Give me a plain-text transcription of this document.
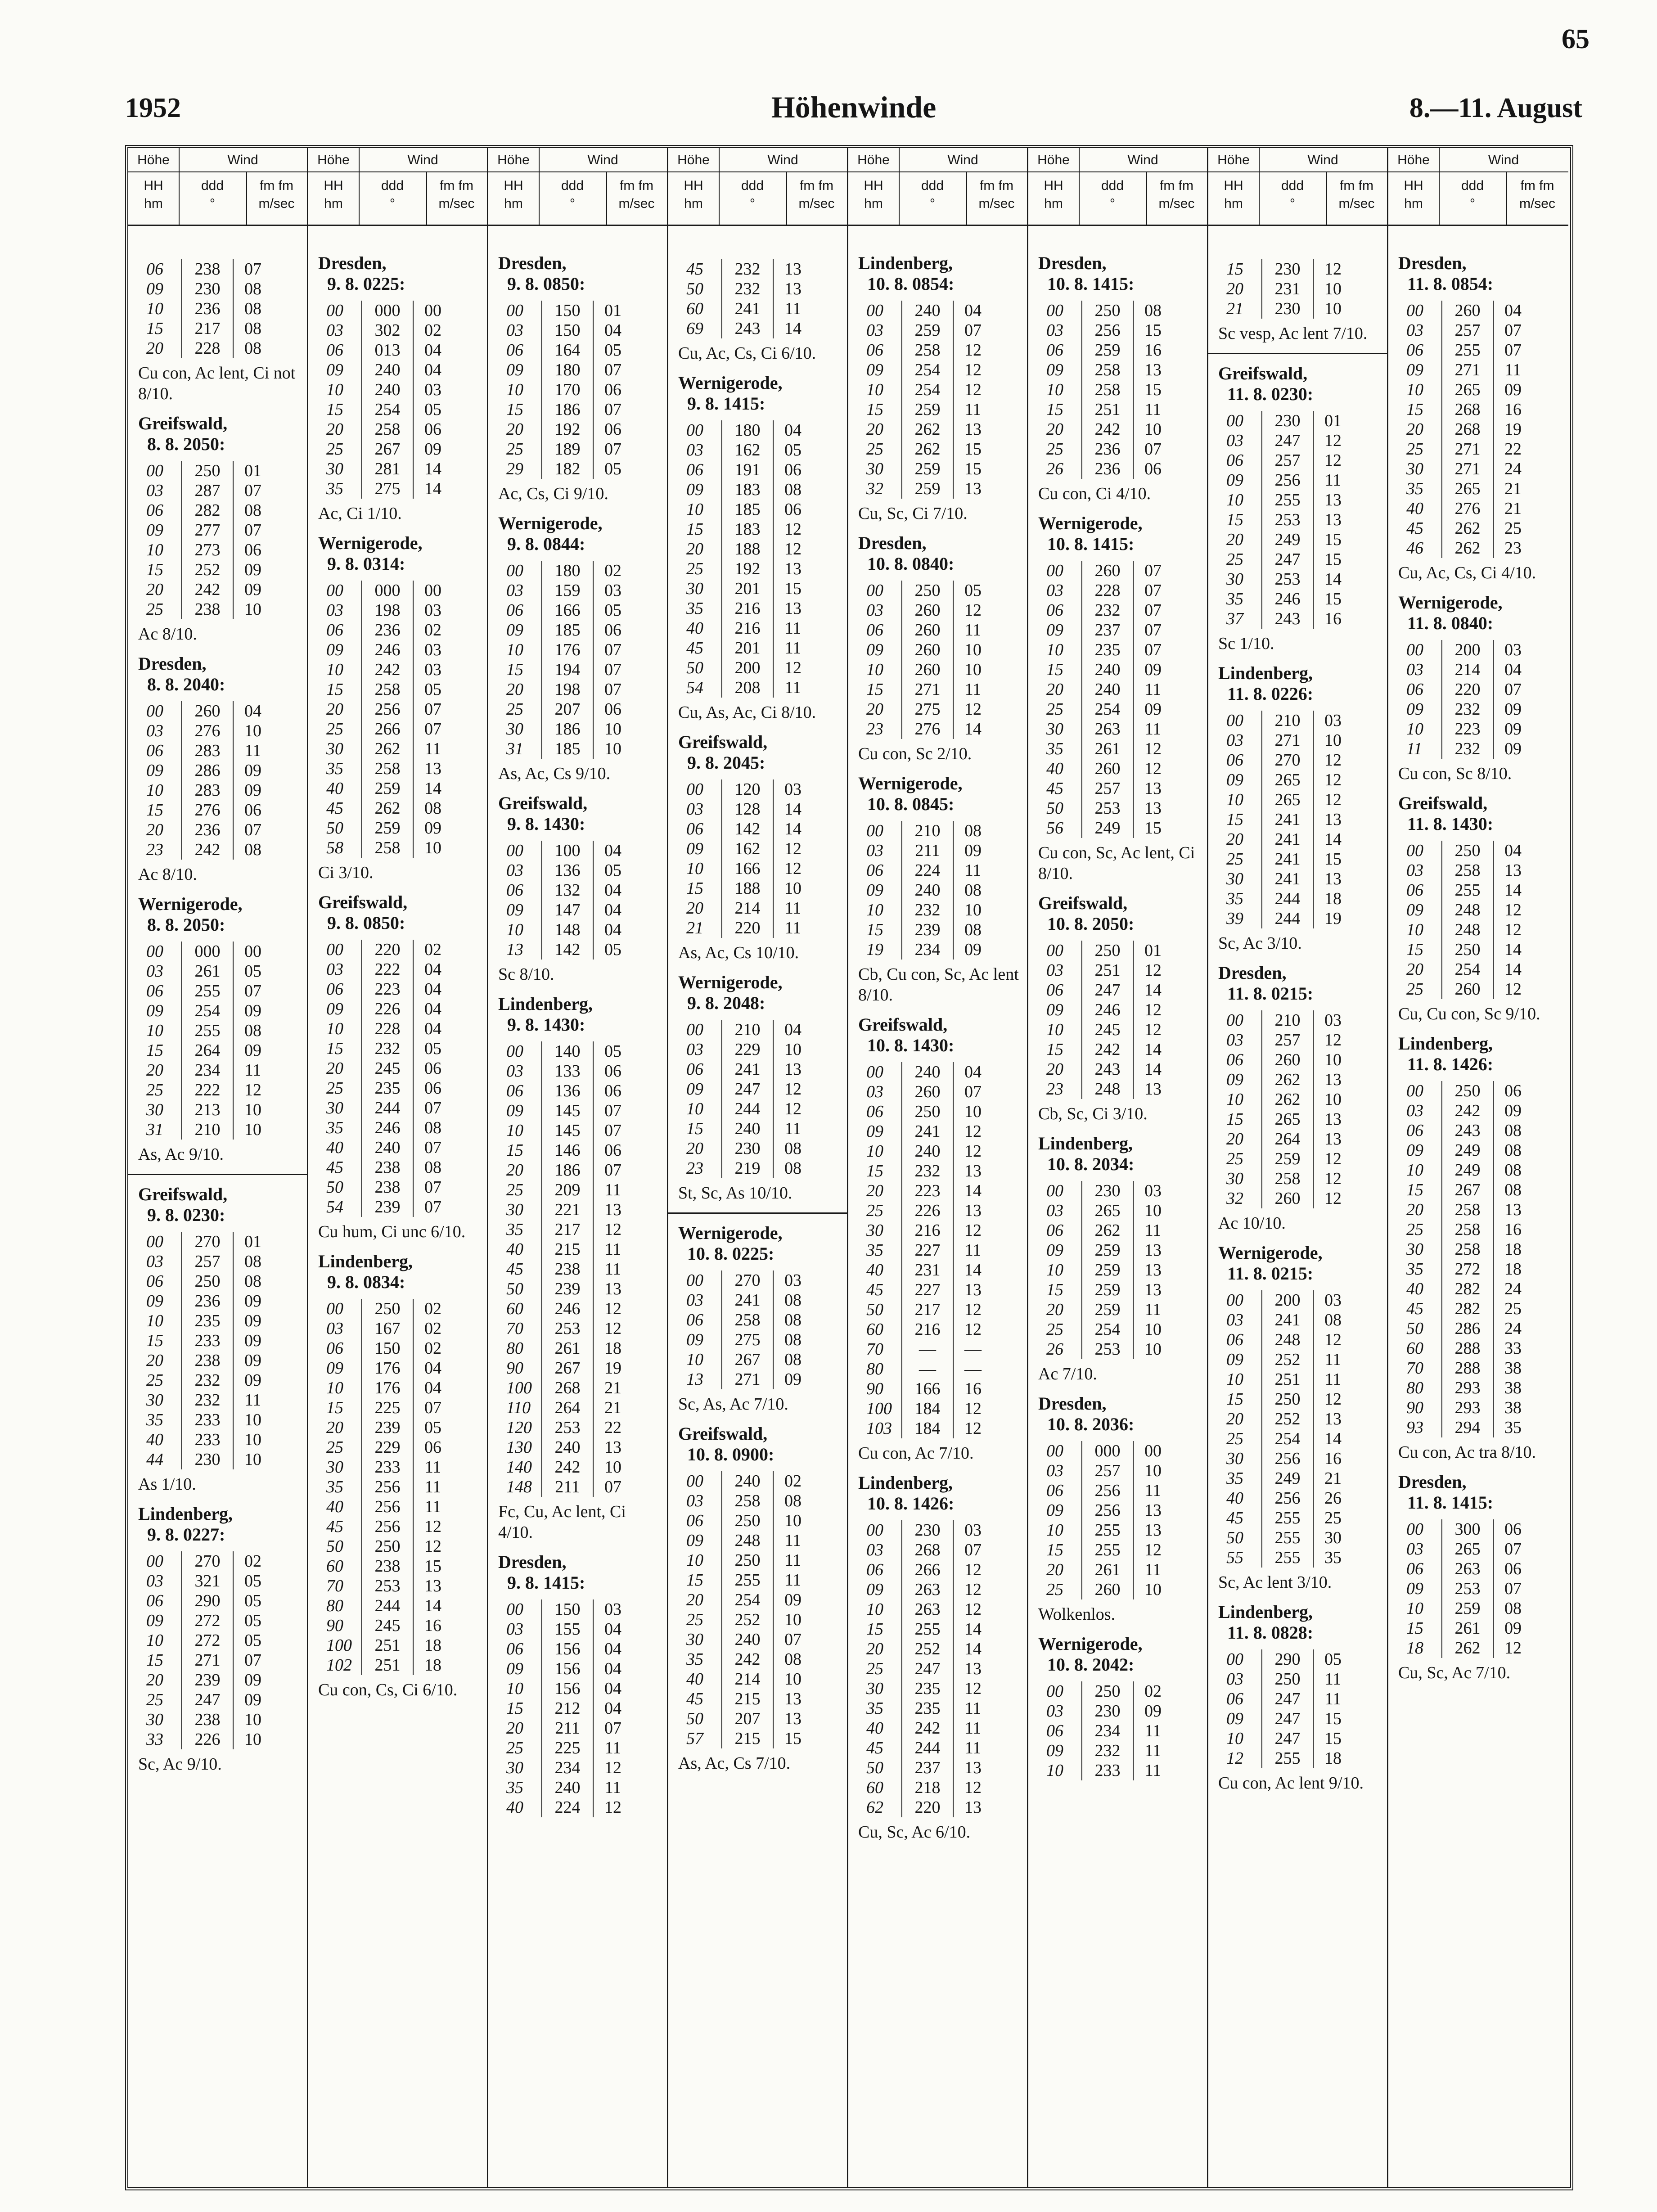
65
1952	Höhenwinde	8.—11. August
Höhe	Wind
HH
hm
ddd
°
fm fm
m/sec
06	238	07
09	230	08
10	236	08
15	217	08
20	228	08
Cu con, Ac lent, Ci not 8/10.
Greifswald,
8. 8. 2050:
00	250	01
03	287	07
06	282	08
09	277	07
10	273	06
15	252	09
20	242	09
25	238	10
Ac 8/10.
Dresden,
8. 8. 2040:
00	260	04
03	276	10
06	283	11
09	286	09
10	283	09
15	276	06
20	236	07
23	242	08
Ac 8/10.
Wernigerode,
8. 8. 2050:
00	000	00
03	261	05
06	255	07
09	254	09
10	255	08
15	264	09
20	234	11
25	222	12
30	213	10
31	210	10
As, Ac 9/10.
Greifswald,
9. 8. 0230:
00	270	01
03	257	08
06	250	08
09	236	09
10	235	09
15	233	09
20	238	09
25	232	09
30	232	11
35	233	10
40	233	10
44	230	10
As 1/10.
Lindenberg,
9. 8. 0227:
00	270	02
03	321	05
06	290	05
09	272	05
10	272	05
15	271	07
20	239	09
25	247	09
30	238	10
33	226	10
Sc, Ac 9/10.
Höhe	Wind
HH
hm
ddd
°
fm fm
m/sec
Dresden,
9. 8. 0225:
00	000	00
03	302	02
06	013	04
09	240	04
10	240	03
15	254	05
20	258	06
25	267	09
30	281	14
35	275	14
Ac, Ci 1/10.
Wernigerode,
9. 8. 0314:
00	000	00
03	198	03
06	236	02
09	246	03
10	242	03
15	258	05
20	256	07
25	266	07
30	262	11
35	258	13
40	259	14
45	262	08
50	259	09
58	258	10
Ci 3/10.
Greifswald,
9. 8. 0850:
00	220	02
03	222	04
06	223	04
09	226	04
10	228	04
15	232	05
20	245	06
25	235	06
30	244	07
35	246	08
40	240	07
45	238	08
50	238	07
54	239	07
Cu hum, Ci unc 6/10.
Lindenberg,
9. 8. 0834:
00	250	02
03	167	02
06	150	02
09	176	04
10	176	04
15	225	07
20	239	05
25	229	06
30	233	11
35	256	11
40	256	11
45	256	12
50	250	12
60	238	15
70	253	13
80	244	14
90	245	16
100	251	18
102	251	18
Cu con, Cs, Ci 6/10.
Höhe	Wind
HH
hm
ddd
°
fm fm
m/sec
Dresden,
9. 8. 0850:
00	150	01
03	150	04
06	164	05
09	180	07
10	170	06
15	186	07
20	192	06
25	189	07
29	182	05
Ac, Cs, Ci 9/10.
Wernigerode,
9. 8. 0844:
00	180	02
03	159	03
06	166	05
09	185	06
10	176	07
15	194	07
20	198	07
25	207	06
30	186	10
31	185	10
As, Ac, Cs 9/10.
Greifswald,
9. 8. 1430:
00	100	04
03	136	05
06	132	04
09	147	04
10	148	04
13	142	05
Sc 8/10.
Lindenberg,
9. 8. 1430:
00	140	05
03	133	06
06	136	06
09	145	07
10	145	07
15	146	06
20	186	07
25	209	11
30	221	13
35	217	12
40	215	11
45	238	11
50	239	13
60	246	12
70	253	12
80	261	18
90	267	19
100	268	21
110	264	21
120	253	22
130	240	13
140	242	10
148	211	07
Fc, Cu, Ac lent, Ci 4/10.
Dresden,
9. 8. 1415:
00	150	03
03	155	04
06	156	04
09	156	04
10	156	04
15	212	04
20	211	07
25	225	11
30	234	12
35	240	11
40	224	12
Höhe	Wind
HH
hm
ddd
°
fm fm
m/sec
45	232	13
50	232	13
60	241	11
69	243	14
Cu, Ac, Cs, Ci 6/10.
Wernigerode,
9. 8. 1415:
00	180	04
03	162	05
06	191	06
09	183	08
10	185	06
15	183	12
20	188	12
25	192	13
30	201	15
35	216	13
40	216	11
45	201	11
50	200	12
54	208	11
Cu, As, Ac, Ci 8/10.
Greifswald,
9. 8. 2045:
00	120	03
03	128	14
06	142	14
09	162	12
10	166	12
15	188	10
20	214	11
21	220	11
As, Ac, Cs 10/10.
Wernigerode,
9. 8. 2048:
00	210	04
03	229	10
06	241	13
09	247	12
10	244	12
15	240	11
20	230	08
23	219	08
St, Sc, As 10/10.
Wernigerode,
10. 8. 0225:
00	270	03
03	241	08
06	258	08
09	275	08
10	267	08
13	271	09
Sc, As, Ac 7/10.
Greifswald,
10. 8. 0900:
00	240	02
03	258	08
06	250	10
09	248	11
10	250	11
15	255	11
20	254	09
25	252	10
30	240	07
35	242	08
40	214	10
45	215	13
50	207	13
57	215	15
As, Ac, Cs 7/10.
Höhe	Wind
HH
hm
ddd
°
fm fm
m/sec
Lindenberg,
10. 8. 0854:
00	240	04
03	259	07
06	258	12
09	254	12
10	254	12
15	259	11
20	262	13
25	262	15
30	259	15
32	259	13
Cu, Sc, Ci 7/10.
Dresden,
10. 8. 0840:
00	250	05
03	260	12
06	260	11
09	260	10
10	260	10
15	271	11
20	275	12
23	276	14
Cu con, Sc 2/10.
Wernigerode,
10. 8. 0845:
00	210	08
03	211	09
06	224	11
09	240	08
10	232	10
15	239	08
19	234	09
Cb, Cu con, Sc, Ac lent 8/10.
Greifswald,
10. 8. 1430:
00	240	04
03	260	07
06	250	10
09	241	12
10	240	12
15	232	13
20	223	14
25	226	13
30	216	12
35	227	11
40	231	14
45	227	13
50	217	12
60	216	12
70	—	—
80	—	—
90	166	16
100	184	12
103	184	12
Cu con, Ac 7/10.
Lindenberg,
10. 8. 1426:
00	230	03
03	268	07
06	266	12
09	263	12
10	263	12
15	255	14
20	252	14
25	247	13
30	235	12
35	235	11
40	242	11
45	244	11
50	237	13
60	218	12
62	220	13
Cu, Sc, Ac 6/10.
Höhe	Wind
HH
hm
ddd
°
fm fm
m/sec
Dresden,
10. 8. 1415:
00	250	08
03	256	15
06	259	16
09	258	13
10	258	15
15	251	11
20	242	10
25	236	07
26	236	06
Cu con, Ci 4/10.
Wernigerode,
10. 8. 1415:
00	260	07
03	228	07
06	232	07
09	237	07
10	235	07
15	240	09
20	240	11
25	254	09
30	263	11
35	261	12
40	260	12
45	257	13
50	253	13
56	249	15
Cu con, Sc, Ac lent, Ci 8/10.
Greifswald,
10. 8. 2050:
00	250	01
03	251	12
06	247	14
09	246	12
10	245	12
15	242	14
20	243	14
23	248	13
Cb, Sc, Ci 3/10.
Lindenberg,
10. 8. 2034:
00	230	03
03	265	10
06	262	11
09	259	13
10	259	13
15	259	13
20	259	11
25	254	10
26	253	10
Ac 7/10.
Dresden,
10. 8. 2036:
00	000	00
03	257	10
06	256	11
09	256	13
10	255	13
15	255	12
20	261	11
25	260	10
Wolkenlos.
Wernigerode,
10. 8. 2042:
00	250	02
03	230	09
06	234	11
09	232	11
10	233	11
Höhe	Wind
HH
hm
ddd
°
fm fm
m/sec
15	230	12
20	231	10
21	230	10
Sc vesp, Ac lent 7/10.
Greifswald,
11. 8. 0230:
00	230	01
03	247	12
06	257	12
09	256	11
10	255	13
15	253	13
20	249	15
25	247	15
30	253	14
35	246	15
37	243	16
Sc 1/10.
Lindenberg,
11. 8. 0226:
00	210	03
03	271	10
06	270	12
09	265	12
10	265	12
15	241	13
20	241	14
25	241	15
30	241	13
35	244	18
39	244	19
Sc, Ac 3/10.
Dresden,
11. 8. 0215:
00	210	03
03	257	12
06	260	10
09	262	13
10	262	10
15	265	13
20	264	13
25	259	12
30	258	12
32	260	12
Ac 10/10.
Wernigerode,
11. 8. 0215:
00	200	03
03	241	08
06	248	12
09	252	11
10	251	11
15	250	12
20	252	13
25	254	14
30	256	16
35	249	21
40	256	26
45	255	25
50	255	30
55	255	35
Sc, Ac lent 3/10.
Lindenberg,
11. 8. 0828:
00	290	05
03	250	11
06	247	11
09	247	15
10	247	15
12	255	18
Cu con, Ac lent 9/10.
Höhe	Wind
HH
hm
ddd
°
fm fm
m/sec
Dresden,
11. 8. 0854:
00	260	04
03	257	07
06	255	07
09	271	11
10	265	09
15	268	16
20	268	19
25	271	22
30	271	24
35	265	21
40	276	21
45	262	25
46	262	23
Cu, Ac, Cs, Ci 4/10.
Wernigerode,
11. 8. 0840:
00	200	03
03	214	04
06	220	07
09	232	09
10	223	09
11	232	09
Cu con, Sc 8/10.
Greifswald,
11. 8. 1430:
00	250	04
03	258	13
06	255	14
09	248	12
10	248	12
15	250	14
20	254	14
25	260	12
Cu, Cu con, Sc 9/10.
Lindenberg,
11. 8. 1426:
00	250	06
03	242	09
06	243	08
09	249	08
10	249	08
15	267	08
20	258	13
25	258	16
30	258	18
35	272	18
40	282	24
45	282	25
50	286	24
60	288	33
70	288	38
80	293	38
90	293	38
93	294	35
Cu con, Ac tra 8/10.
Dresden,
11. 8. 1415:
00	300	06
03	265	07
06	263	06
09	253	07
10	259	08
15	261	09
18	262	12
Cu, Sc, Ac 7/10.
